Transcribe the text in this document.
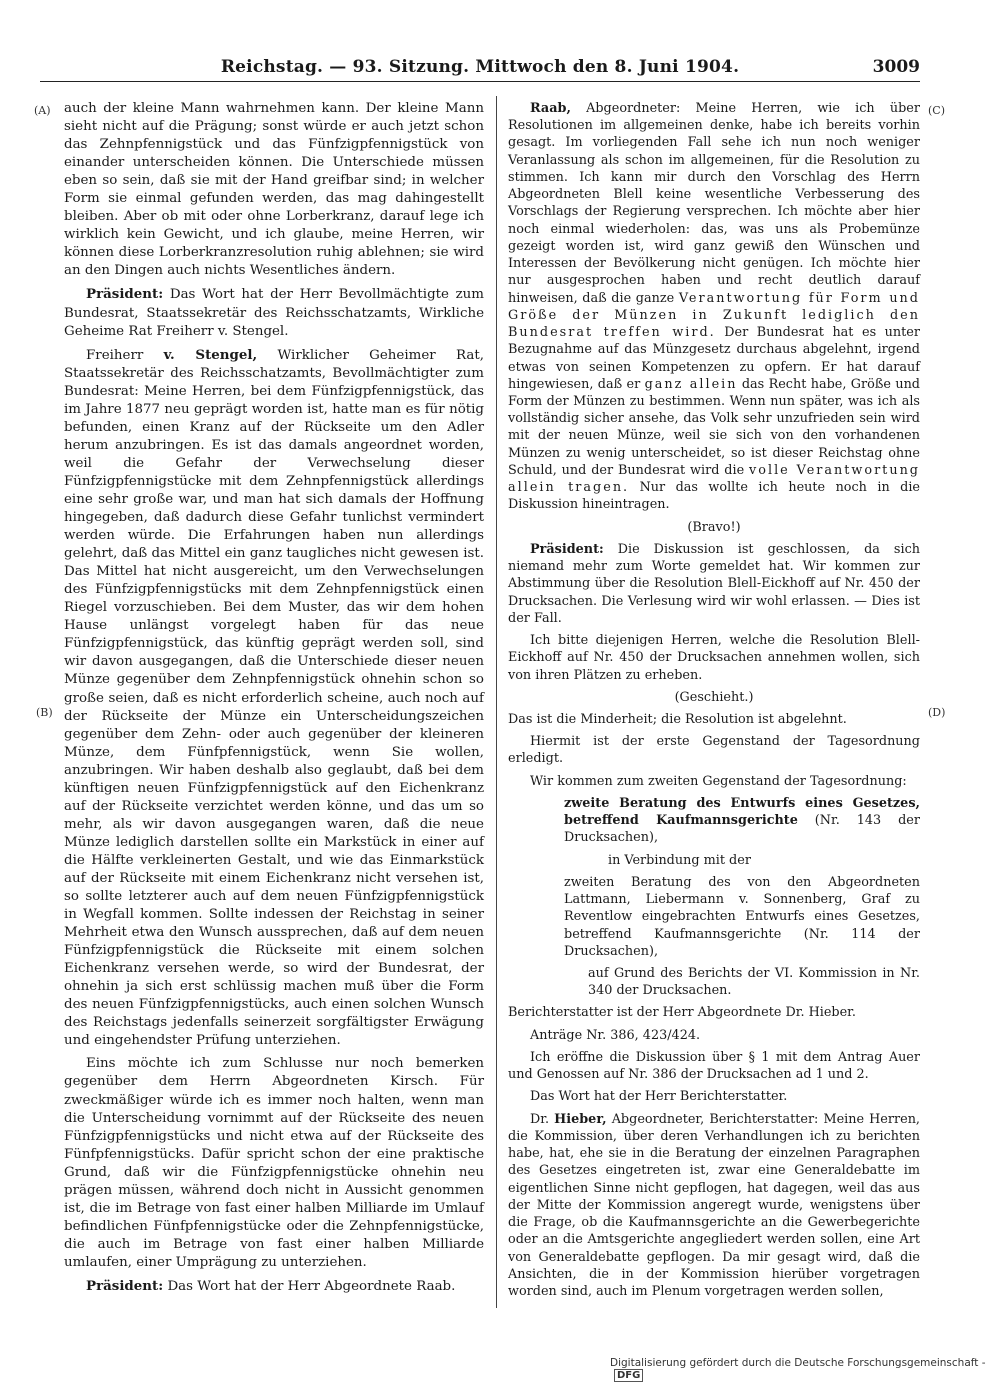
Reichstag. — 93. Sitzung. Mittwoch den 8. Juni 1904.	3009
(A)
(B)
(C)
(D)

auch der kleine Mann wahrnehmen kann. Der kleine Mann sieht nicht auf die Prägung; sonst würde er auch jetzt schon das Zehnpfennigstück und das Fünfzigpfennigstück von einander unterscheiden können. Die Unterschiede müssen eben so sein, daß sie mit der Hand greifbar sind; in welcher Form sie einmal gefunden werden, das mag dahingestellt bleiben. Aber ob mit oder ohne Lorberkranz, darauf lege ich wirklich kein Gewicht, und ich glaube, meine Herren, wir können diese Lorberkranzresolution ruhig ablehnen; sie wird an den Dingen auch nichts Wesentliches ändern.

Präsident: Das Wort hat der Herr Bevollmächtigte zum Bundesrat, Staatssekretär des Reichsschatzamts, Wirkliche Geheime Rat Freiherr v. Stengel.

Freiherr v. Stengel, Wirklicher Geheimer Rat, Staatssekretär des Reichsschatzamts, Bevollmächtigter zum Bundesrat: Meine Herren, bei dem Fünfzigpfennigstück, das im Jahre 1877 neu geprägt worden ist, hatte man es für nötig befunden, einen Kranz auf der Rückseite um den Adler herum anzubringen. Es ist das damals angeordnet worden, weil die Gefahr der Verwechselung dieser Fünfzigpfennigstücke mit dem Zehnpfennigstück allerdings eine sehr große war, und man hat sich damals der Hoffnung hingegeben, daß dadurch diese Gefahr tunlichst vermindert werden würde. Die Erfahrungen haben nun allerdings gelehrt, daß das Mittel ein ganz taugliches nicht gewesen ist. Das Mittel hat nicht ausgereicht, um den Verwechselungen des Fünfzigpfennigstücks mit dem Zehnpfennigstück einen Riegel vorzuschieben. Bei dem Muster, das wir dem hohen Hause unlängst vorgelegt haben für das neue Fünfzigpfennigstück, das künftig geprägt werden soll, sind wir davon ausgegangen, daß die Unterschiede dieser neuen Münze gegenüber dem Zehnpfennigstück ohnehin schon so große seien, daß es nicht erforderlich scheine, auch noch auf der Rückseite der Münze ein Unterscheidungszeichen gegenüber dem Zehn- oder auch gegenüber der kleineren Münze, dem Fünfpfennigstück, wenn Sie wollen, anzubringen. Wir haben deshalb also geglaubt, daß bei dem künftigen neuen Fünfzigpfennigstück auf den Eichenkranz auf der Rückseite verzichtet werden könne, und das um so mehr, als wir davon ausgegangen waren, daß die neue Münze lediglich darstellen sollte ein Markstück in einer auf die Hälfte verkleinerten Gestalt, und wie das Einmarkstück auf der Rückseite mit einem Eichenkranz nicht versehen ist, so sollte letzterer auch auf dem neuen Fünfzigpfennigstück in Wegfall kommen. Sollte indessen der Reichstag in seiner Mehrheit etwa den Wunsch aussprechen, daß auf dem neuen Fünfzigpfennigstück die Rückseite mit einem solchen Eichenkranz versehen werde, so wird der Bundesrat, der ohnehin ja sich erst schlüssig machen muß über die Form des neuen Fünfzigpfennigstücks, auch einen solchen Wunsch des Reichstags jedenfalls seinerzeit sorgfältigster Erwägung und eingehendster Prüfung unterziehen.

Eins möchte ich zum Schlusse nur noch bemerken gegenüber dem Herrn Abgeordneten Kirsch. Für zweckmäßiger würde ich es immer noch halten, wenn man die Unterscheidung vornimmt auf der Rückseite des neuen Fünfzigpfennigstücks und nicht etwa auf der Rückseite des Fünfpfennigstücks. Dafür spricht schon der eine praktische Grund, daß wir die Fünfzigpfennigstücke ohnehin neu prägen müssen, während doch nicht in Aussicht genommen ist, die im Betrage von fast einer halben Milliarde im Umlauf befindlichen Fünfpfennigstücke oder die Zehnpfennigstücke, die auch im Betrage von fast einer halben Milliarde umlaufen, einer Umprägung zu unterziehen.

Präsident: Das Wort hat der Herr Abgeordnete Raab.

Raab, Abgeordneter: Meine Herren, wie ich über Resolutionen im allgemeinen denke, habe ich bereits vorhin gesagt. Im vorliegenden Fall sehe ich nun noch weniger Veranlassung als schon im allgemeinen, für die Resolution zu stimmen. Ich kann mir durch den Vorschlag des Herrn Abgeordneten Blell keine wesentliche Verbesserung des Vorschlags der Regierung versprechen. Ich möchte aber hier noch einmal wiederholen: das, was uns als Probemünze gezeigt worden ist, wird ganz gewiß den Wünschen und Interessen der Bevölkerung nicht genügen. Ich möchte hier nur ausgesprochen haben und recht deutlich darauf hinweisen, daß die ganze Verantwortung für Form und Größe der Münzen in Zukunft lediglich den Bundesrat treffen wird. Der Bundesrat hat es unter Bezugnahme auf das Münzgesetz durchaus abgelehnt, irgend etwas von seinen Kompetenzen zu opfern. Er hat darauf hingewiesen, daß er ganz allein das Recht habe, Größe und Form der Münzen zu bestimmen. Wenn nun später, was ich als vollständig sicher ansehe, das Volk sehr unzufrieden sein wird mit der neuen Münze, weil sie sich von den vorhandenen Münzen zu wenig unterscheidet, so ist dieser Reichstag ohne Schuld, und der Bundesrat wird die volle Verantwortung allein tragen. Nur das wollte ich heute noch in die Diskussion hineintragen.

(Bravo!)

Präsident: Die Diskussion ist geschlossen, da sich niemand mehr zum Worte gemeldet hat. Wir kommen zur Abstimmung über die Resolution Blell-Eickhoff auf Nr. 450 der Drucksachen. Die Verlesung wird wir wohl erlassen. — Dies ist der Fall.

Ich bitte diejenigen Herren, welche die Resolution Blell-Eickhoff auf Nr. 450 der Drucksachen annehmen wollen, sich von ihren Plätzen zu erheben.

(Geschieht.)

Das ist die Minderheit; die Resolution ist abgelehnt.

Hiermit ist der erste Gegenstand der Tagesordnung erledigt.

Wir kommen zum zweiten Gegenstand der Tagesordnung:

zweite Beratung des Entwurfs eines Gesetzes, betreffend Kaufmannsgerichte (Nr. 143 der Drucksachen),

in Verbindung mit der

zweiten Beratung des von den Abgeordneten Lattmann, Liebermann v. Sonnenberg, Graf zu Reventlow eingebrachten Entwurfs eines Gesetzes, betreffend Kaufmannsgerichte (Nr. 114 der Drucksachen),

auf Grund des Berichts der VI. Kommission in Nr. 340 der Drucksachen.

Berichterstatter ist der Herr Abgeordnete Dr. Hieber.

Anträge Nr. 386, 423/424.

Ich eröffne die Diskussion über § 1 mit dem Antrag Auer und Genossen auf Nr. 386 der Drucksachen ad 1 und 2.

Das Wort hat der Herr Berichterstatter.

Dr. Hieber, Abgeordneter, Berichterstatter: Meine Herren, die Kommission, über deren Verhandlungen ich zu berichten habe, hat, ehe sie in die Beratung der einzelnen Paragraphen des Gesetzes eingetreten ist, zwar eine Generaldebatte im eigentlichen Sinne nicht gepflogen, hat dagegen, weil das aus der Mitte der Kommission angeregt wurde, wenigstens über die Frage, ob die Kaufmannsgerichte an die Gewerbegerichte oder an die Amtsgerichte angegliedert werden sollen, eine Art von Generaldebatte gepflogen. Da mir gesagt wird, daß die Ansichten, die in der Kommission hierüber vorgetragen worden sind, auch im Plenum vorgetragen werden sollen,

Digitalisierung gefördert durch die Deutsche Forschungsgemeinschaft - DFG
